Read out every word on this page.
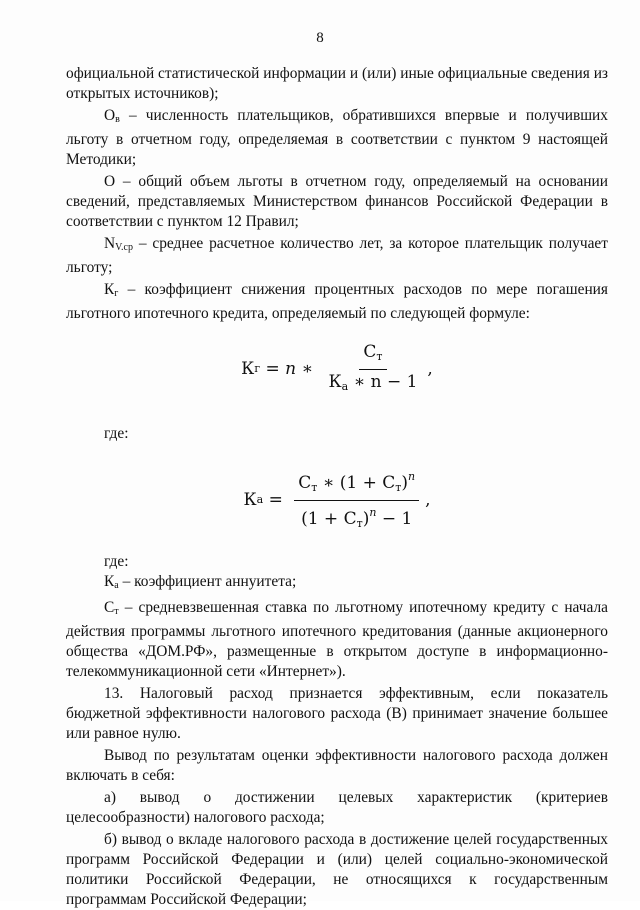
8

официальной статистической информации и (или) иные официальные сведения из открытых источников);

$О_в$ – численность плательщиков, обратившихся впервые и получивших льготу в отчетном году, определяемая в соответствии с пунктом 9 настоящей Методики;

О – общий объем льготы в отчетном году, определяемый на основании сведений, представляемых Министерством финансов Российской Федерации в соответствии с пунктом 12 Правил;

$N_{V.ср}$ – среднее расчетное количество лет, за которое плательщик получает льготу;

$К_г$ – коэффициент снижения процентных расходов по мере погашения льготного ипотечного кредита, определяемый по следующей формуле:

К г = n ∗ $\frac{Ст}{Ка ∗ n - 1}$ ,

где:

К $а = \frac{Ст ∗ (1 + Ст)^n}{(1 + Ст)^n - 1}$ ,

где:

$К_а$ – коэффициент аннуитета;

$С_т$ – средневзвешенная ставка по льготному ипотечному кредиту с начала действия программы льготного ипотечного кредитования (данные акционерного общества «ДОМ.РФ», размещенные в открытом доступе в информационно-телекоммуникационной сети «Интернет»).

13. Налоговый расход признается эффективным, если показатель бюджетной эффективности налогового расхода (В) принимает значение большее или равное нулю.

Вывод по результатам оценки эффективности налогового расхода должен включать в себя:

а) вывод о достижении целевых характеристик (критериев целесообразности) налогового расхода;

б) вывод о вкладе налогового расхода в достижение целей государственных программ Российской Федерации и (или) целей социально-экономической политики Российской Федерации, не относящихся к государственным программам Российской Федерации;
